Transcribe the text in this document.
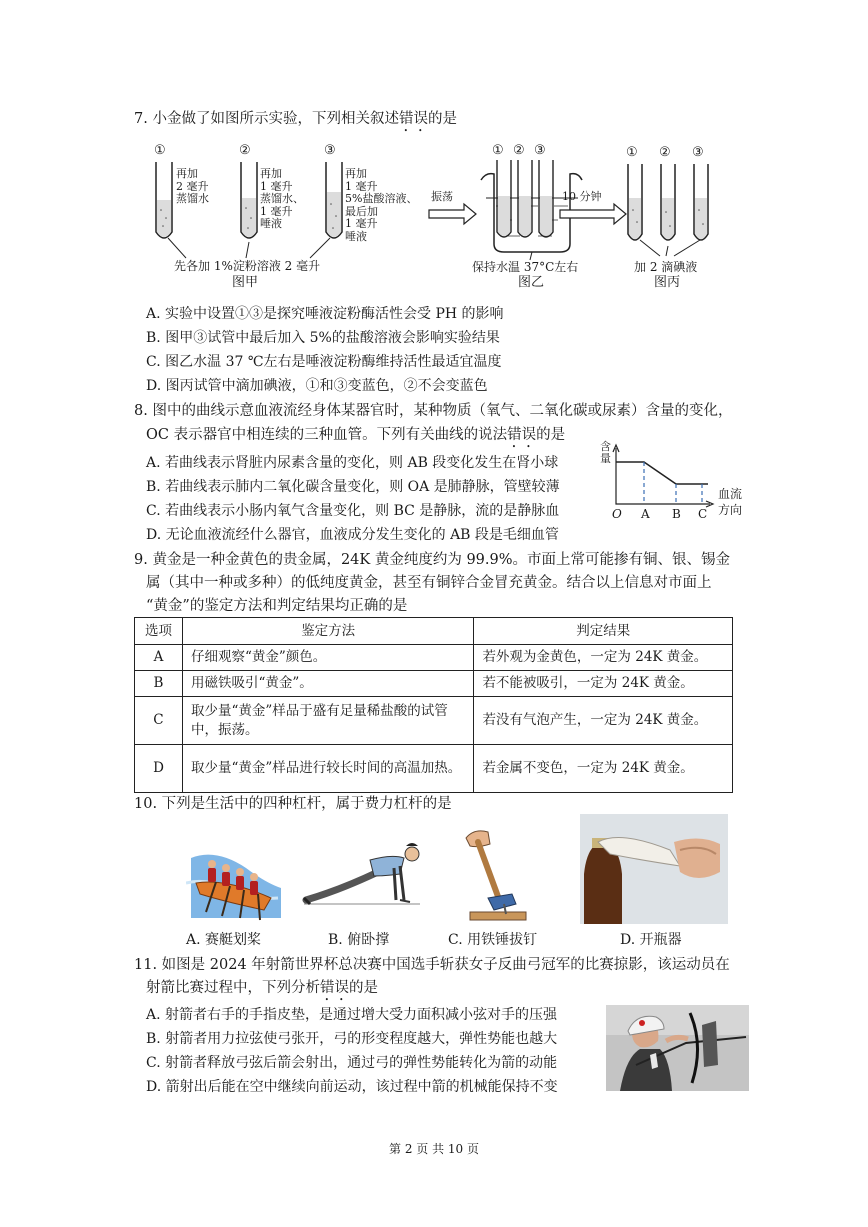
7. 小金做了如图所示实验，下列相关叙述错误的是
①	②	③
再加
2 毫升
蒸馏水
再加
1 毫升
蒸馏水、
1 毫升
唾液
再加
1 毫升
5%盐酸溶液、
最后加
1 毫升
唾液
先各加 1%淀粉溶液 2 毫升
图甲
振荡
① ② ③
保持水温 37°C左右
图乙
10 分钟
① ② ③
加 2 滴碘液
图丙
A. 实验中设置①③是探究唾液淀粉酶活性会受 PH 的影响
B. 图甲③试管中最后加入 5%的盐酸溶液会影响实验结果
C. 图乙水温 37 ℃左右是唾液淀粉酶维持活性最适宜温度
D. 图丙试管中滴加碘液，①和③变蓝色，②不会变蓝色
8. 图中的曲线示意血液流经身体某器官时，某种物质（氧气、二氧化碳或尿素）含量的变化，
OC 表示器官中相连续的三种血管。下列有关曲线的说法错误的是
A. 若曲线表示肾脏内尿素含量的变化，则 AB 段变化发生在肾小球
B. 若曲线表示肺内二氧化碳含量变化，则 OA 是肺静脉，管壁较薄
C. 若曲线表示小肠内氧气含量变化，则 BC 是静脉，流的是静脉血
D. 无论血液流经什么器官，血液成分发生变化的 AB 段是毛细血管
含
量
血流
方向
O A B C
9. 黄金是一种金黄色的贵金属，24K 黄金纯度约为 99.9%。市面上常可能掺有铜、银、锡金
属（其中一种或多种）的低纯度黄金，甚至有铜锌合金冒充黄金。结合以上信息对市面上
“黄金”的鉴定方法和判定结果均正确的是
选项	鉴定方法	判定结果
A	仔细观察“黄金”颜色。	若外观为金黄色，一定为 24K 黄金。
B	用磁铁吸引“黄金”。	若不能被吸引，一定为 24K 黄金。
C	取少量“黄金”样品于盛有足量稀盐酸的试管中，振荡。	若没有气泡产生，一定为 24K 黄金。
D	取少量“黄金”样品进行较长时间的高温加热。	若金属不变色，一定为 24K 黄金。
10. 下列是生活中的四种杠杆，属于费力杠杆的是
A. 赛艇划桨	B. 俯卧撑	C. 用铁锤拔钉	D. 开瓶器
11. 如图是 2024 年射箭世界杯总决赛中国选手斩获女子反曲弓冠军的比赛掠影，该运动员在
射箭比赛过程中，下列分析错误的是
A. 射箭者右手的手指皮垫，是通过增大受力面积减小弦对手的压强
B. 射箭者用力拉弦使弓张开，弓的形变程度越大，弹性势能也越大
C. 射箭者释放弓弦后箭会射出，通过弓的弹性势能转化为箭的动能
D. 箭射出后能在空中继续向前运动，该过程中箭的机械能保持不变
第 2 页 共 10 页
